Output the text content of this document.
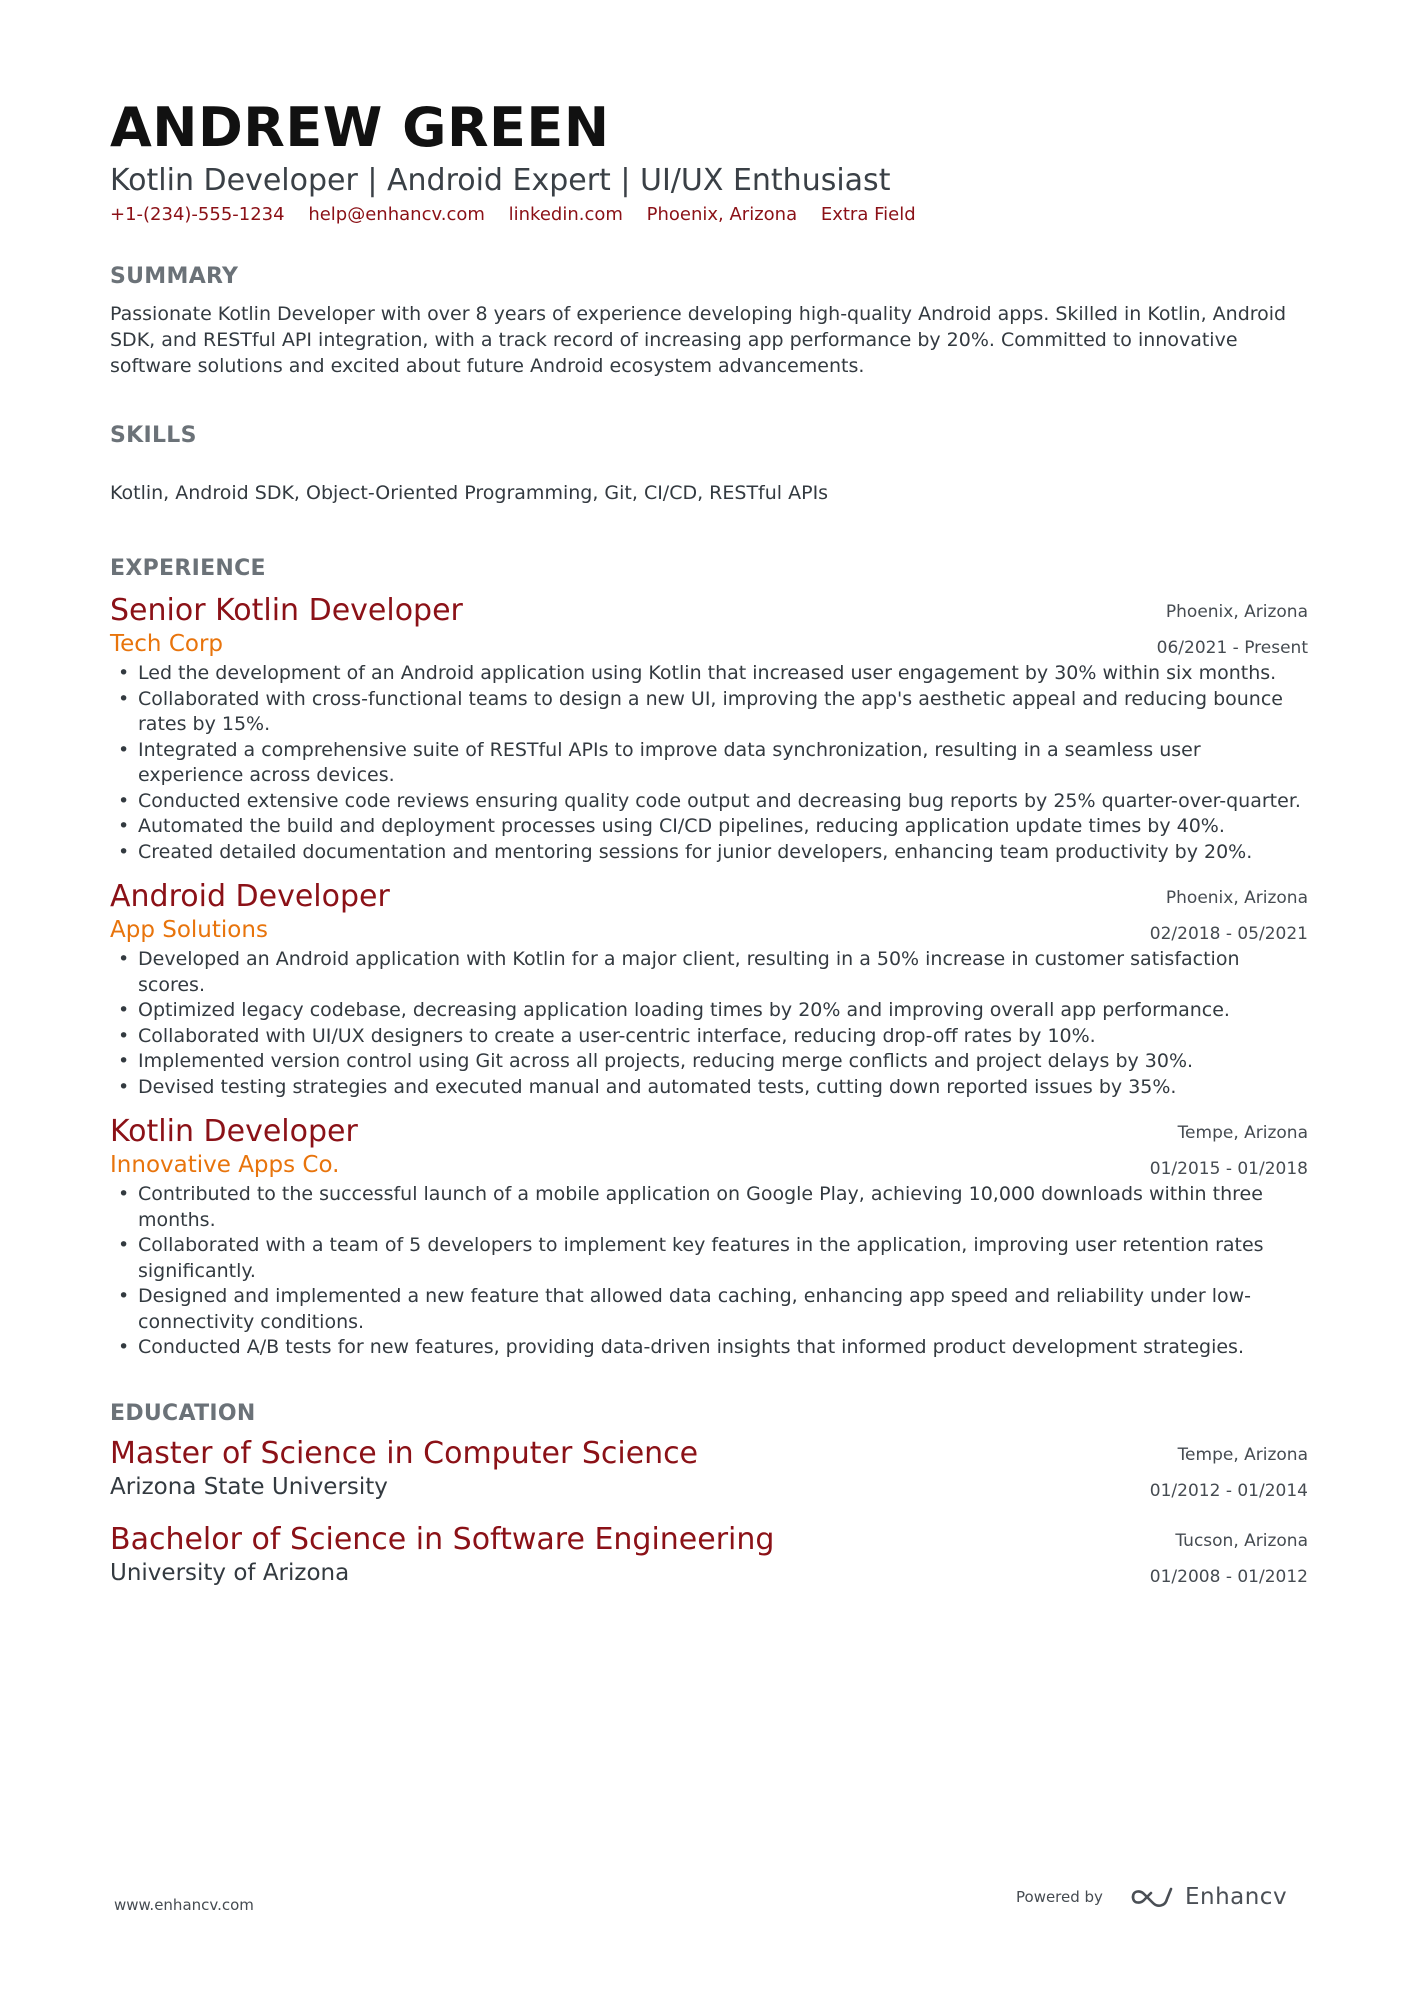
ANDREW GREEN
Kotlin Developer | Android Expert | UI/UX Enthusiast
+1-(234)-555-1234 help@enhancv.com linkedin.com Phoenix, Arizona Extra Field
SUMMARY
Passionate Kotlin Developer with over 8 years of experience developing high-quality Android apps. Skilled in Kotlin, Android SDK, and RESTful API integration, with a track record of increasing app performance by 20%. Committed to innovative software solutions and excited about future Android ecosystem advancements.
SKILLS
Kotlin, Android SDK, Object-Oriented Programming, Git, CI/CD, RESTful APIs
EXPERIENCE
Senior Kotlin Developer
Tech Corp
Phoenix, Arizona
06/2021 - Present
• Led the development of an Android application using Kotlin that increased user engagement by 30% within six months.
• Collaborated with cross-functional teams to design a new UI, improving the app's aesthetic appeal and reducing bounce rates by 15%.
• Integrated a comprehensive suite of RESTful APIs to improve data synchronization, resulting in a seamless user experience across devices.
• Conducted extensive code reviews ensuring quality code output and decreasing bug reports by 25% quarter-over-quarter.
• Automated the build and deployment processes using CI/CD pipelines, reducing application update times by 40%.
• Created detailed documentation and mentoring sessions for junior developers, enhancing team productivity by 20%.
Android Developer
App Solutions
Phoenix, Arizona
02/2018 - 05/2021
• Developed an Android application with Kotlin for a major client, resulting in a 50% increase in customer satisfaction scores.
• Optimized legacy codebase, decreasing application loading times by 20% and improving overall app performance.
• Collaborated with UI/UX designers to create a user-centric interface, reducing drop-off rates by 10%.
• Implemented version control using Git across all projects, reducing merge conflicts and project delays by 30%.
• Devised testing strategies and executed manual and automated tests, cutting down reported issues by 35%.
Kotlin Developer
Innovative Apps Co.
Tempe, Arizona
01/2015 - 01/2018
• Contributed to the successful launch of a mobile application on Google Play, achieving 10,000 downloads within three months.
• Collaborated with a team of 5 developers to implement key features in the application, improving user retention rates significantly.
• Designed and implemented a new feature that allowed data caching, enhancing app speed and reliability under low-connectivity conditions.
• Conducted A/B tests for new features, providing data-driven insights that informed product development strategies.
EDUCATION
Master of Science in Computer Science
Arizona State University
Tempe, Arizona
01/2012 - 01/2014
Bachelor of Science in Software Engineering
University of Arizona
Tucson, Arizona
01/2008 - 01/2012
www.enhancv.com	Powered by	Enhancv
